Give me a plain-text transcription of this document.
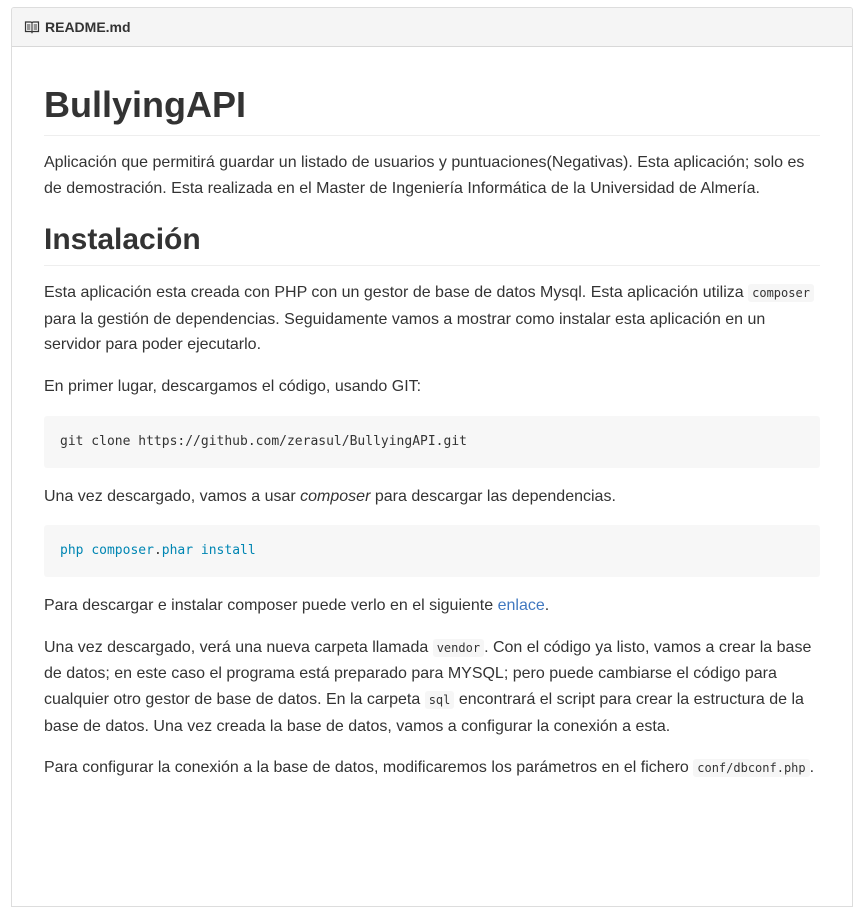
README.md
BullyingAPI

Aplicación que permitirá guardar un listado de usuarios y puntuaciones(Negativas). Esta aplicación; solo es de demostración. Esta realizada en el Master de Ingeniería Informática de la Universidad de Almería.

Instalación

Esta aplicación esta creada con PHP con un gestor de base de datos Mysql. Esta aplicación utiliza composer para la gestión de dependencias. Seguidamente vamos a mostrar como instalar esta aplicación en un servidor para poder ejecutarlo.

En primer lugar, descargamos el código, usando GIT:

git clone https://github.com/zerasul/BullyingAPI.git

Una vez descargado, vamos a usar composer para descargar las dependencias.

php composer.phar install

Para descargar e instalar composer puede verlo en el siguiente enlace.

Una vez descargado, verá una nueva carpeta llamada vendor . Con el código ya listo, vamos a crear la base de datos; en este caso el programa está preparado para MYSQL; pero puede cambiarse el código para cualquier otro gestor de base de datos. En la carpeta sql encontrará el script para crear la estructura de la base de datos. Una vez creada la base de datos, vamos a configurar la conexión a esta.

Para configurar la conexión a la base de datos, modificaremos los parámetros en el fichero conf/dbconf.php .
